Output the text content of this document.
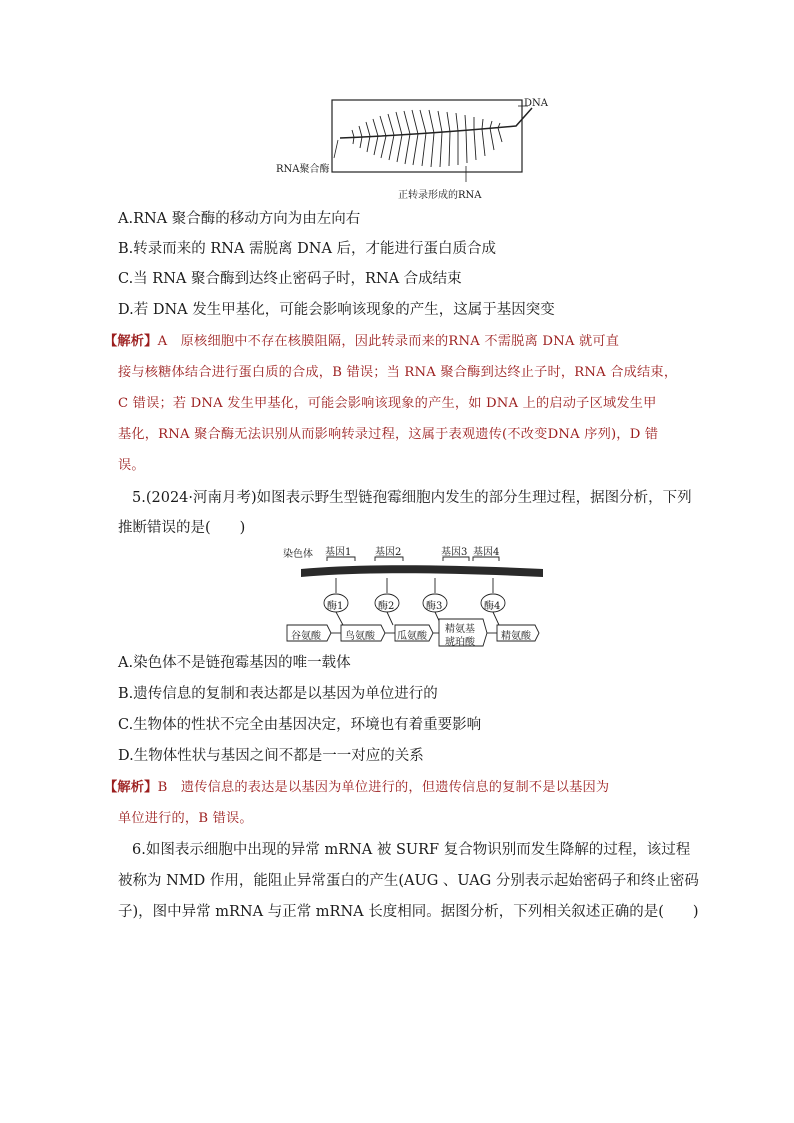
DNA
RNA聚合酶
正转录形成的RNA
A.RNA 聚合酶的移动方向为由左向右
B.转录而来的 RNA 需脱离 DNA 后，才能进行蛋白质合成
C.当 RNA 聚合酶到达终止密码子时，RNA 合成结束
D.若 DNA 发生甲基化，可能会影响该现象的产生，这属于基因突变
【解析】A　原核细胞中不存在核膜阻隔，因此转录而来的RNA 不需脱离 DNA 就可直
接与核糖体结合进行蛋白质的合成，B 错误；当 RNA 聚合酶到达终止子时，RNA 合成结束，
C 错误；若 DNA 发生甲基化，可能会影响该现象的产生，如 DNA 上的启动子区域发生甲
基化，RNA 聚合酶无法识别从而影响转录过程，这属于表观遗传(不改变DNA 序列)，D 错
误。
5.(2024·河南月考)如图表示野生型链孢霉细胞内发生的部分生理过程，据图分析，下列
推断错误的是(　　)
染色体 基因1 基因2	基因3 基因4
酶1	酶2	酶3	酶4
谷氨酸 鸟氨酸 瓜氨酸
精氨基
琥珀酸
精氨酸
A.染色体不是链孢霉基因的唯一载体
B.遗传信息的复制和表达都是以基因为单位进行的
C.生物体的性状不完全由基因决定，环境也有着重要影响
D.生物体性状与基因之间不都是一一对应的关系
【解析】B　遗传信息的表达是以基因为单位进行的，但遗传信息的复制不是以基因为
单位进行的，B 错误。
6.如图表示细胞中出现的异常 mRNA 被 SURF 复合物识别而发生降解的过程，该过程
被称为 NMD 作用，能阻止异常蛋白的产生(AUG 、UAG 分别表示起始密码子和终止密码
子)，图中异常 mRNA 与正常 mRNA 长度相同。据图分析，下列相关叙述正确的是(　　)
